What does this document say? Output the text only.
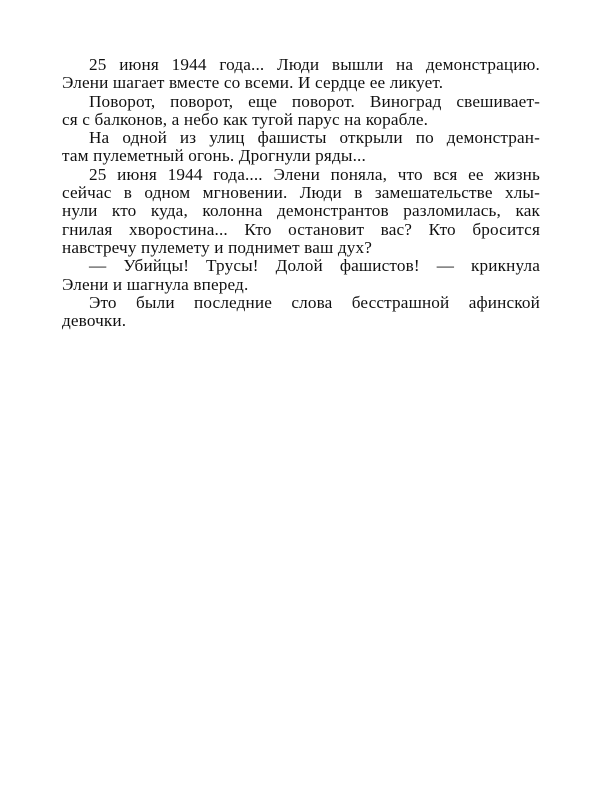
25 июня 1944 года... Люди вышли на демонстрацию.
Элени шагает вместе со всеми. И сердце ее ликует.

Поворот, поворот, еще поворот. Виноград свешивает-
ся с балконов, а небо как тугой парус на корабле.

На одной из улиц фашисты открыли по демонстран-
там пулеметный огонь. Дрогнули ряды...

25 июня 1944 года.... Элени поняла, что вся ее жизнь
сейчас в одном мгновении. Люди в замешательстве хлы-
нули кто куда, колонна демонстрантов разломилась, как
гнилая хворостина... Кто остановит вас? Кто бросится
навстречу пулемету и поднимет ваш дух?

— Убийцы! Трусы! Долой фашистов! — крикнула
Элени и шагнула вперед.

Это были последние слова бесстрашной афинской
девочки.
